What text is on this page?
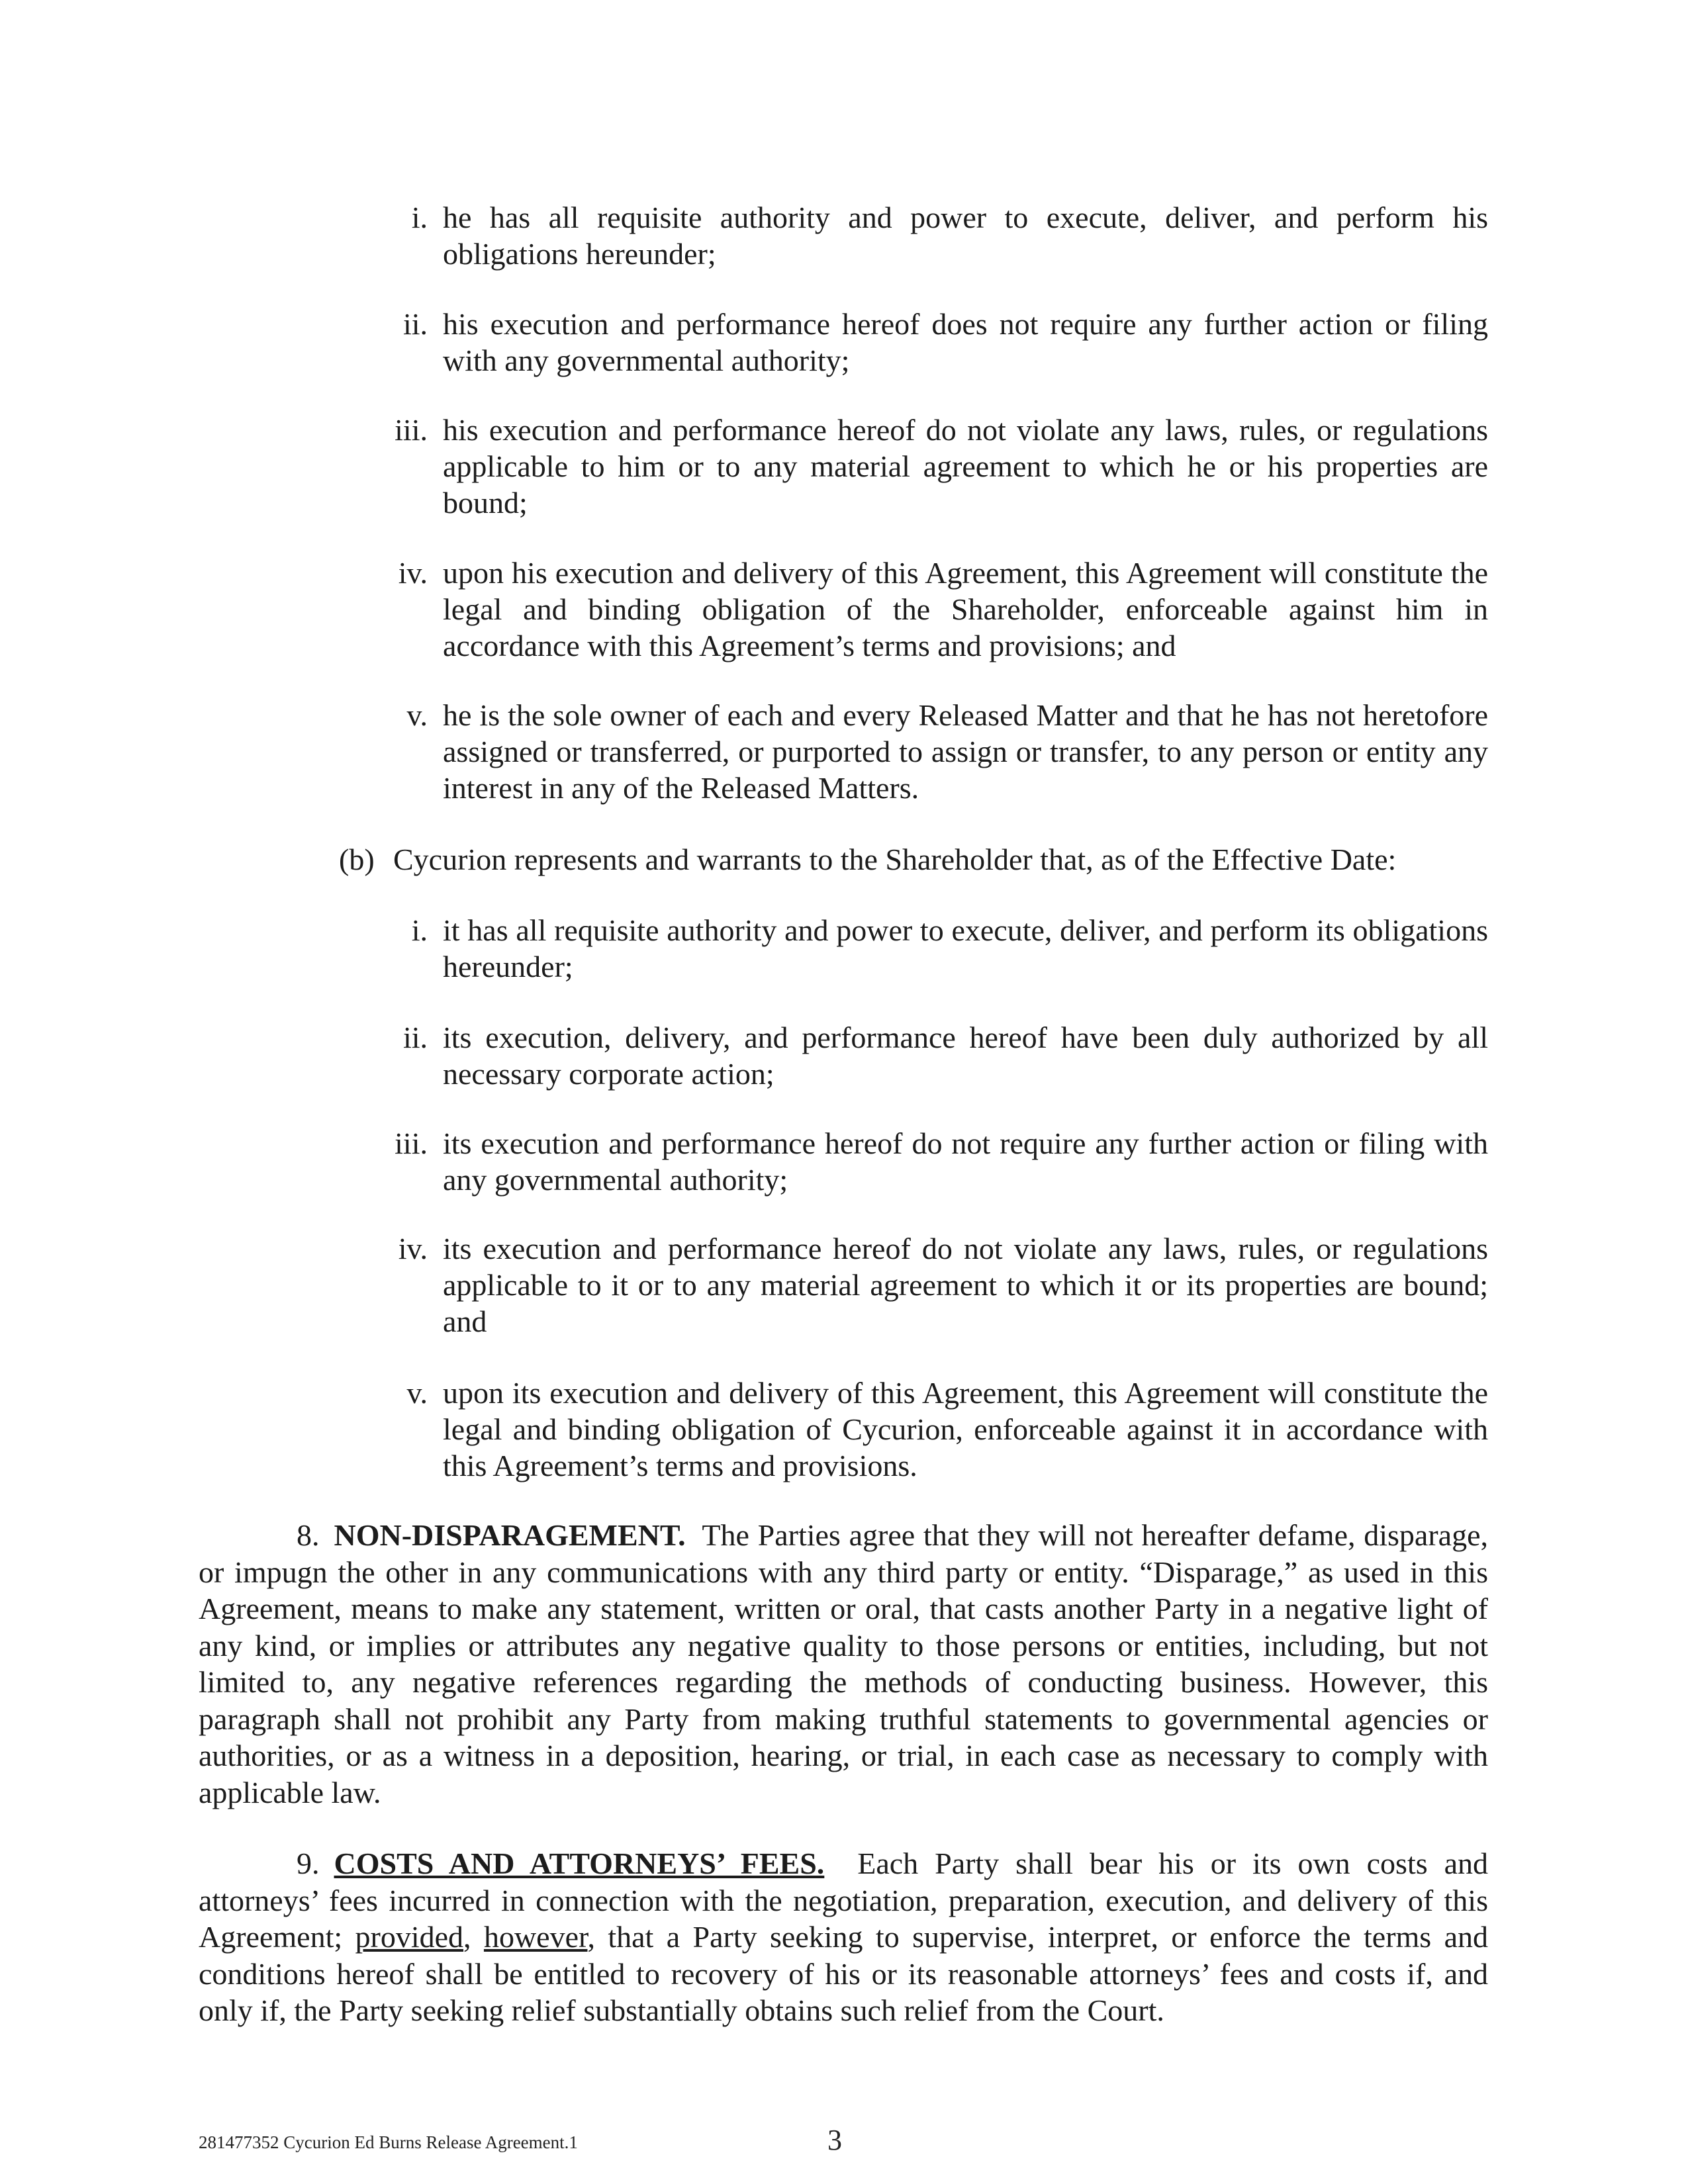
i. he has all requisite authority and power to execute, deliver, and perform his obligations hereunder;
ii. his execution and performance hereof does not require any further action or filing with any governmental authority;
iii. his execution and performance hereof do not violate any laws, rules, or regulations applicable to him or to any material agreement to which he or his properties are bound;
iv. upon his execution and delivery of this Agreement, this Agreement will constitute the legal and binding obligation of the Shareholder, enforceable against him in accordance with this Agreement’s terms and provisions; and
v. he is the sole owner of each and every Released Matter and that he has not heretofore assigned or transferred, or purported to assign or transfer, to any person or entity any interest in any of the Released Matters.
(b) Cycurion represents and warrants to the Shareholder that, as of the Effective Date:
i. it has all requisite authority and power to execute, deliver, and perform its obligations hereunder;
ii. its execution, delivery, and performance hereof have been duly authorized by all necessary corporate action;
iii. its execution and performance hereof do not require any further action or filing with any governmental authority;
iv. its execution and performance hereof do not violate any laws, rules, or regulations applicable to it or to any material agreement to which it or its properties are bound; and
v. upon its execution and delivery of this Agreement, this Agreement will constitute the legal and binding obligation of Cycurion, enforceable against it in accordance with this Agreement’s terms and provisions.
8. NON-DISPARAGEMENT. The Parties agree that they will not hereafter defame, disparage, or impugn the other in any communications with any third party or entity. “Disparage,” as used in this Agreement, means to make any statement, written or oral, that casts another Party in a negative light of any kind, or implies or attributes any negative quality to those persons or entities, including, but not limited to, any negative references regarding the methods of conducting business. However, this paragraph shall not prohibit any Party from making truthful statements to governmental agencies or authorities, or as a witness in a deposition, hearing, or trial, in each case as necessary to comply with applicable law.
9. COSTS AND ATTORNEYS’ FEES. Each Party shall bear his or its own costs and attorneys’ fees incurred in connection with the negotiation, preparation, execution, and delivery of this Agreement; provided, however, that a Party seeking to supervise, interpret, or enforce the terms and conditions hereof shall be entitled to recovery of his or its reasonable attorneys’ fees and costs if, and only if, the Party seeking relief substantially obtains such relief from the Court.
281477352 Cycurion Ed Burns Release Agreement.1	3
